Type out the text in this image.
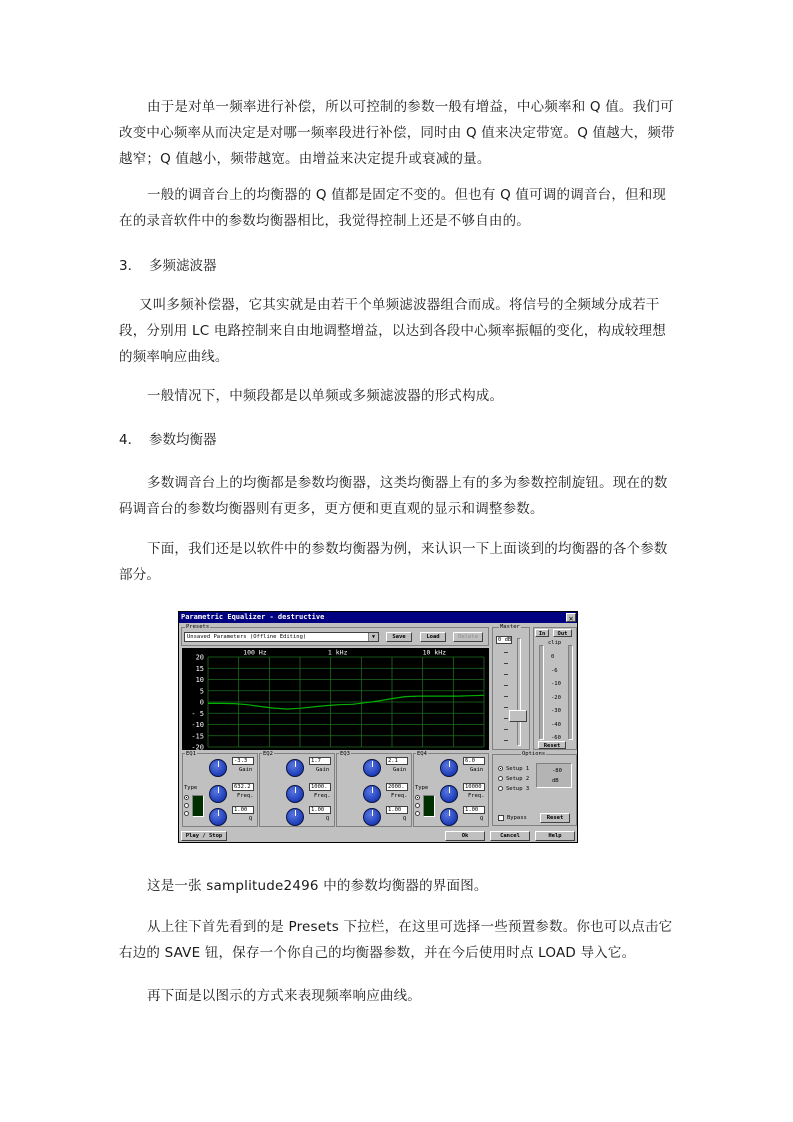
由于是对单一频率进行补偿，所以可控制的参数一般有增益，中心频率和 Q 值。我们可改变中心频率从而决定是对哪一频率段进行补偿，同时由 Q 值来决定带宽。Q 值越大，频带越窄；Q 值越小，频带越宽。由增益来决定提升或衰减的量。

一般的调音台上的均衡器的 Q 值都是固定不变的。但也有 Q 值可调的调音台，但和现在的录音软件中的参数均衡器相比，我觉得控制上还是不够自由的。

3． 多频滤波器

又叫多频补偿器，它其实就是由若干个单频滤波器组合而成。将信号的全频域分成若干段，分别用 LC 电路控制来自由地调整增益，以达到各段中心频率振幅的变化，构成较理想的频率响应曲线。

一般情况下，中频段都是以单频或多频滤波器的形式构成。

4． 参数均衡器

多数调音台上的均衡都是参数均衡器，这类均衡器上有的多为参数控制旋钮。现在的数码调音台的参数均衡器则有更多，更方便和更直观的显示和调整参数。

下面，我们还是以软件中的参数均衡器为例，来认识一下上面谈到的均衡器的各个参数部分。

Parametric Equalizer - destructive	✕
Presets
Unsaved Parameters (Offline Editing)	▼	Save	Load	Delete
20
15
10
5
0
- 5
-10
-15
-20
100 Hz	1 kHz	10 kHz
Master
0 dB
In	Out
clip
0
-6
-10
-20
-30
-40
-60
Reset
EQ1
-3.3
Gain
632.2
Freq.
1.00
Q
Type
EQ2
1.7
Gain
1000.
Freq.
1.00
Q
EQ3
2.1
Gain
2000.
Freq.
1.00
Q
EQ4
6.0
Gain
10000
Freq.
1.00
Q
Type
Options
Setup 1
Setup 2
Setup 3
-80
dB
Bypass	Reset
Play / Stop	Ok	Cancel	Help

这是一张 samplitude2496 中的参数均衡器的界面图。

从上往下首先看到的是 Presets 下拉栏，在这里可选择一些预置参数。你也可以点击它右边的 SAVE 钮，保存一个你自己的均衡器参数，并在今后使用时点 LOAD 导入它。

再下面是以图示的方式来表现频率响应曲线。
